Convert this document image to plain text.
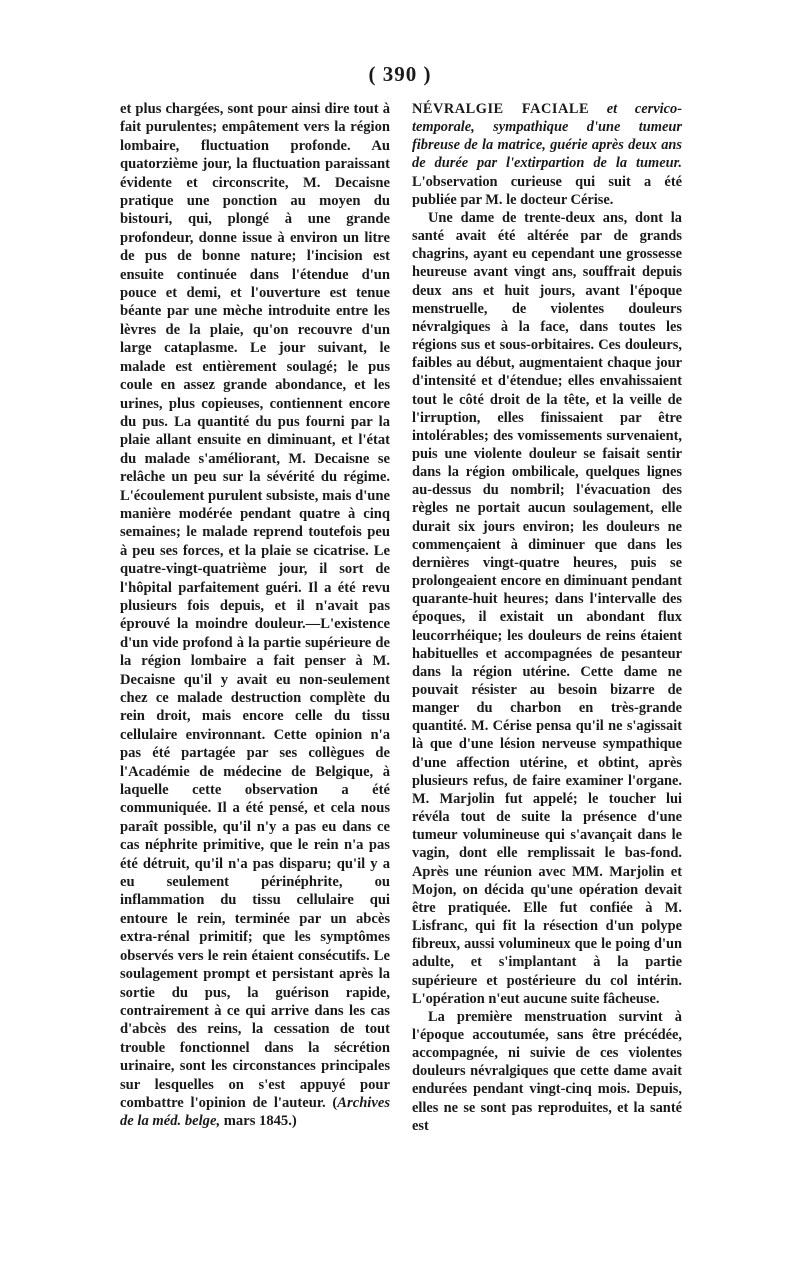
( 390 )

et plus chargées, sont pour ainsi dire tout à fait purulentes; empâtement vers la région lombaire, fluctuation profonde. Au quatorzième jour, la fluctuation paraissant évidente et circonscrite, M. Decaisne pratique une ponction au moyen du bistouri, qui, plongé à une grande profondeur, donne issue à environ un litre de pus de bonne nature; l'incision est ensuite continuée dans l'étendue d'un pouce et demi, et l'ouverture est tenue béante par une mèche introduite entre les lèvres de la plaie, qu'on recouvre d'un large cataplasme. Le jour suivant, le malade est entièrement soulagé; le pus coule en assez grande abondance, et les urines, plus copieuses, contiennent encore du pus. La quantité du pus fourni par la plaie allant ensuite en diminuant, et l'état du malade s'améliorant, M. Decaisne se relâche un peu sur la sévérité du régime. L'écoulement purulent subsiste, mais d'une manière modérée pendant quatre à cinq semaines; le malade reprend toutefois peu à peu ses forces, et la plaie se cicatrise. Le quatre-vingt-quatrième jour, il sort de l'hôpital parfaitement guéri. Il a été revu plusieurs fois depuis, et il n'avait pas éprouvé la moindre douleur.—L'existence d'un vide profond à la partie supérieure de la région lombaire a fait penser à M. Decaisne qu'il y avait eu non-seulement chez ce malade destruction complète du rein droit, mais encore celle du tissu cellulaire environnant. Cette opinion n'a pas été partagée par ses collègues de l'Académie de médecine de Belgique, à laquelle cette observation a été communiquée. Il a été pensé, et cela nous paraît possible, qu'il n'y a pas eu dans ce cas néphrite primitive, que le rein n'a pas été détruit, qu'il n'a pas disparu; qu'il y a eu seulement périnéphrite, ou inflammation du tissu cellulaire qui entoure le rein, terminée par un abcès extra-rénal primitif; que les symptômes observés vers le rein étaient consécutifs. Le soulagement prompt et persistant après la sortie du pus, la guérison rapide, contrairement à ce qui arrive dans les cas d'abcès des reins, la cessation de tout trouble fonctionnel dans la sécrétion urinaire, sont les circonstances principales sur lesquelles on s'est appuyé pour combattre l'opinion de l'auteur. (Archives de la méd. belge, mars 1845.)

NÉVRALGIE FACIALE et cervico-temporale, sympathique d'une tumeur fibreuse de la matrice, guérie après deux ans de durée par l'extirpartion de la tumeur. L'observation curieuse qui suit a été publiée par M. le docteur Cérise.

Une dame de trente-deux ans, dont la santé avait été altérée par de grands chagrins, ayant eu cependant une grossesse heureuse avant vingt ans, souffrait depuis deux ans et huit jours, avant l'époque menstruelle, de violentes douleurs névralgiques à la face, dans toutes les régions sus et sous-orbitaires. Ces douleurs, faibles au début, augmentaient chaque jour d'intensité et d'étendue; elles envahissaient tout le côté droit de la tête, et la veille de l'irruption, elles finissaient par être intolérables; des vomissements survenaient, puis une violente douleur se faisait sentir dans la région ombilicale, quelques lignes au-dessus du nombril; l'évacuation des règles ne portait aucun soulagement, elle durait six jours environ; les douleurs ne commençaient à diminuer que dans les dernières vingt-quatre heures, puis se prolongeaient encore en diminuant pendant quarante-huit heures; dans l'intervalle des époques, il existait un abondant flux leucorrhéique; les douleurs de reins étaient habituelles et accompagnées de pesanteur dans la région utérine. Cette dame ne pouvait résister au besoin bizarre de manger du charbon en très-grande quantité. M. Cérise pensa qu'il ne s'agissait là que d'une lésion nerveuse sympathique d'une affection utérine, et obtint, après plusieurs refus, de faire examiner l'organe. M. Marjolin fut appelé; le toucher lui révéla tout de suite la présence d'une tumeur volumineuse qui s'avançait dans le vagin, dont elle remplissait le bas-fond. Après une réunion avec MM. Marjolin et Mojon, on décida qu'une opération devait être pratiquée. Elle fut confiée à M. Lisfranc, qui fit la résection d'un polype fibreux, aussi volumineux que le poing d'un adulte, et s'implantant à la partie supérieure et postérieure du col intérin. L'opération n'eut aucune suite fâcheuse.

La première menstruation survint à l'époque accoutumée, sans être précédée, accompagnée, ni suivie de ces violentes douleurs névralgiques que cette dame avait endurées pendant vingt-cinq mois. Depuis, elles ne se sont pas reproduites, et la santé est
